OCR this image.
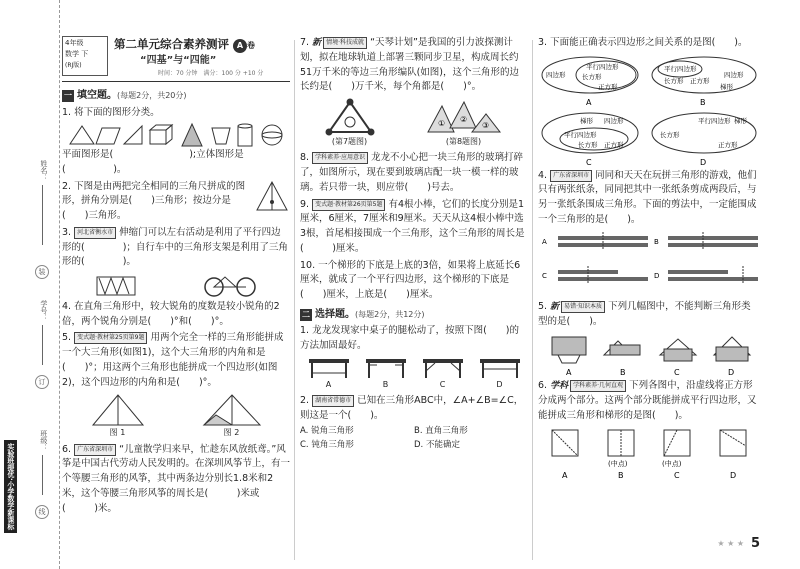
姓名：
装
学号：
订
班级：
线
实验班提优·小学数学新课标
4年级
数学 下
(RJ版)
第二单元综合素养测评 A 卷
“四基”与“四能”
时间：70 分钟　满分：100 分 +10 分
一 填空题。(每题2分，共20分)
1. 将下面的图形分类。
平面图形是(　　　　　　　　);立体图形是(　　　　　)。
2. 下图是由两把完全相同的三角尺拼成的图形，拼角分别是(　　)三角形；按边分是(　　)三角形。
3. 河北省衡水市 伸缩门可以左右活动是利用了平行四边形的(　　　　)；自行车中的三角形支架是利用了三角形的(　　　　)。
4. 在直角三角形中，较大锐角的度数是较小锐角的2倍，两个锐角分别是(　　)°和(　　)°。
5. 变式题·教材第25页第9题 用两个完全一样的三角形能拼成一个大三角形(如图1)，这个大三角形的内角和是(　　)°；用这两个三角形也能拼成一个四边形(如图2)，这个四边形的内角和是(　　)°。
图 1	图 2
6. 广东省深圳市 “儿童散学归来早，忙趁东风放纸鸢。”风筝是中国古代劳动人民发明的。在深圳风筝节上，有一个等腰三角形的风筝，其中两条边分别长1.8米和2米，这个等腰三角形风筝的周长是(　　　)米或(　　　)米。
7. 新 情境·科技成就 “天琴计划”是我国的引力波探测计划，拟在地球轨道上部署三颗同步卫星，构成周长约51万千米的等边三角形编队(如图)，这个三角形的边长约是(　　)万千米，每个角都是(　　)°。
(第7题图)
① ②
③
(第8题图)
8. 学科素养·应用意识 龙龙不小心把一块三角形的玻璃打碎了，如图所示，现在要到玻璃店配一块一模一样的玻璃。若只带一块，则应带(　　)号去。
9. 变式题·教材第26页第5题 有4根小棒，它们的长度分别是1厘米，6厘米，7厘米和9厘米。天天从这4根小棒中选3根，首尾相接围成一个三角形，这个三角形的周长是(　　　)厘米。
10. 一个梯形的下底是上底的3倍，如果将上底延长6厘米，就成了一个平行四边形，这个梯形的下底是(　　)厘米，上底是(　　)厘米。
二 选择题。(每题2分，共12分)
1. 龙龙发现家中桌子的腿松动了，按照下图(　　)的方法加固最好。
A	B	C	D
2. 湖南省常德市 已知在三角形ABC中，∠A+∠B=∠C，则这是一个(　　)。
A. 锐角三角形	B. 直角三角形
C. 钝角三角形	D. 不能确定
3. 下面能正确表示四边形之间关系的是图(　　)。
四边形
平行四边形
长方形
正方形
A
四边形
平行四边形
梯形
长方形 正方形
B
梯形 四边形
平行四边形
长方形 正方形
C
长方形
平行四边形 梯形
正方形
D
4. 广东省深圳市 同同和天天在玩拼三角形的游戏，他们只有两张纸条，同同把其中一张纸条剪成两段后，与另一张纸条围成三角形。下面的剪法中，一定能围成一个三角形的是(　　)。
A	B
C	D
5. 新 易错·知识本质 下列几幅图中，不能判断三角形类型的是(　　)。
A	B	C	D
6. 学科 学科素养·几何直观 下列各图中，沿虚线将正方形分成两个部分。这两个部分既能拼成平行四边形，又能拼成三角形和梯形的是图(　　)。
A
(中点)
B
(中点)
C	D
★ ★ ★ 5
